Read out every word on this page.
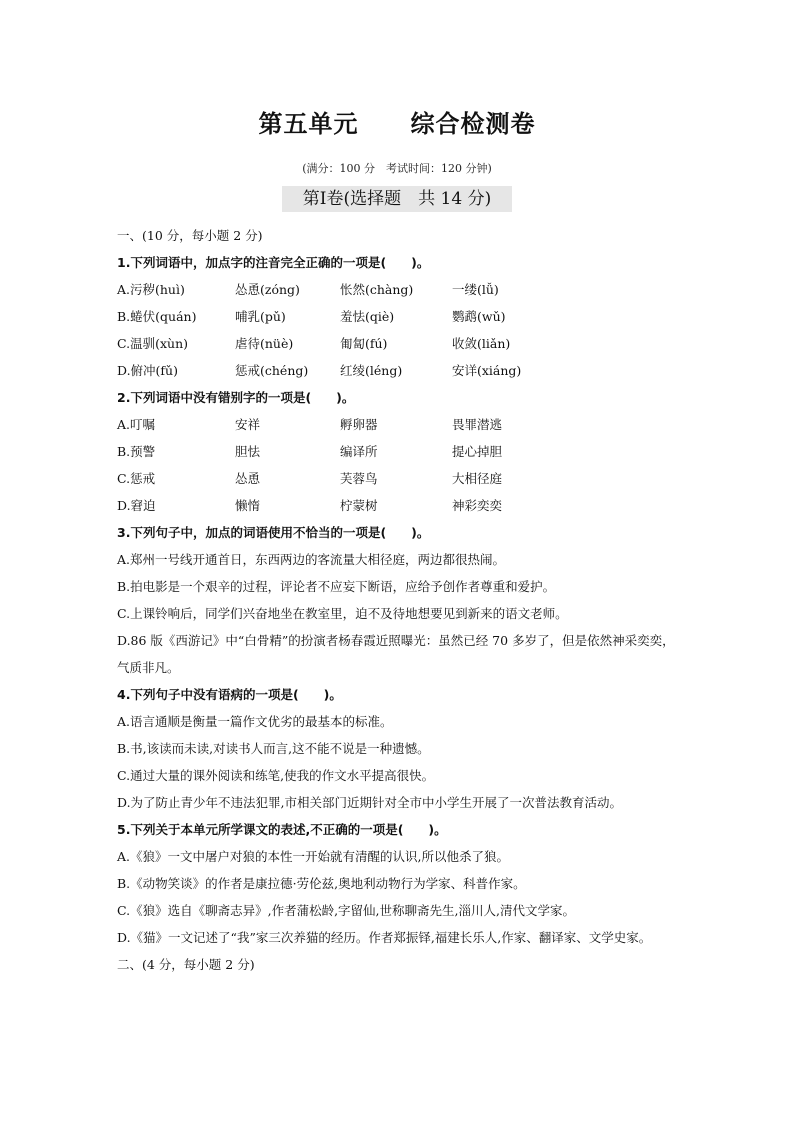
第五单元 综合检测卷
(满分：100 分　考试时间：120 分钟)
第Ⅰ卷(选择题　共 14 分)
一、(10 分，每小题 2 分)
1.下列词语中，加点字的注音完全正确的一项是(　　)。
A.污秽(huì)	怂恿(zóng)	怅然(chàng)	一缕(lǚ)
B.蜷伏(quán)	哺乳(pǔ)	羞怯(qiè)	鹦鹉(wǔ)
C.温驯(xùn)	虐待(nüè)	匍匐(fú)	收敛(liǎn)
D.俯冲(fǔ)	惩戒(chéng)	红绫(léng)	安详(xiáng)
2.下列词语中没有错别字的一项是(　　)。
A.叮嘱	安祥	孵卵器	畏罪潜逃
B.预警	胆怯	编译所	提心掉胆
C.惩戒	怂恿	芙蓉鸟	大相径庭
D.窘迫	懒惰	柠蒙树	神彩奕奕
3.下列句子中，加点的词语使用不恰当的一项是(　　)。
A.郑州一号线开通首日，东西两边的客流量大相径庭，两边都很热闹。
B.拍电影是一个艰辛的过程，评论者不应妄下断语，应给予创作者尊重和爱护。
C.上课铃响后，同学们兴奋地坐在教室里，迫不及待地想要见到新来的语文老师。
D.86 版《西游记》中“白骨精”的扮演者杨春霞近照曝光：虽然已经 70 多岁了，但是依然神采奕奕，气质非凡。
4.下列句子中没有语病的一项是(　　)。
A.语言通顺是衡量一篇作文优劣的最基本的标准。
B.书,该读而未读,对读书人而言,这不能不说是一种遗憾。
C.通过大量的课外阅读和练笔,使我的作文水平提高很快。
D.为了防止青少年不违法犯罪,市相关部门近期针对全市中小学生开展了一次普法教育活动。
5.下列关于本单元所学课文的表述,不正确的一项是(　　)。
A.《狼》一文中屠户对狼的本性一开始就有清醒的认识,所以他杀了狼。
B.《动物笑谈》的作者是康拉德·劳伦兹,奥地利动物行为学家、科普作家。
C.《狼》选自《聊斋志异》,作者蒲松龄,字留仙,世称聊斋先生,淄川人,清代文学家。
D.《猫》一文记述了“我”家三次养猫的经历。作者郑振铎,福建长乐人,作家、翻译家、文学史家。
二、(4 分，每小题 2 分)
